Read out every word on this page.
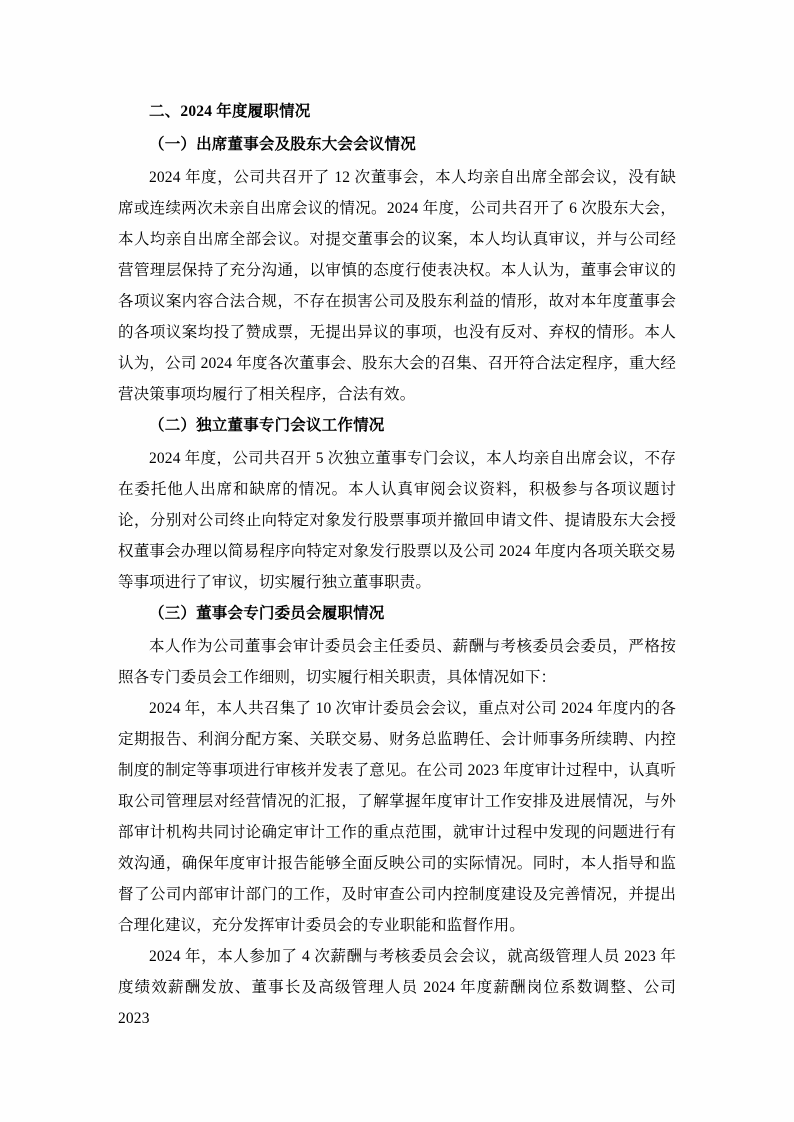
二、2024 年度履职情况
（一）出席董事会及股东大会会议情况

2024 年度，公司共召开了 12 次董事会，本人均亲自出席全部会议，没有缺席或连续两次未亲自出席会议的情况。2024 年度，公司共召开了 6 次股东大会，本人均亲自出席全部会议。对提交董事会的议案，本人均认真审议，并与公司经营管理层保持了充分沟通，以审慎的态度行使表决权。本人认为，董事会审议的各项议案内容合法合规，不存在损害公司及股东利益的情形，故对本年度董事会的各项议案均投了赞成票，无提出异议的事项，也没有反对、弃权的情形。本人认为，公司 2024 年度各次董事会、股东大会的召集、召开符合法定程序，重大经营决策事项均履行了相关程序，合法有效。

（二）独立董事专门会议工作情况

2024 年度，公司共召开 5 次独立董事专门会议，本人均亲自出席会议，不存在委托他人出席和缺席的情况。本人认真审阅会议资料，积极参与各项议题讨论，分别对公司终止向特定对象发行股票事项并撤回申请文件、提请股东大会授权董事会办理以简易程序向特定对象发行股票以及公司 2024 年度内各项关联交易等事项进行了审议，切实履行独立董事职责。

（三）董事会专门委员会履职情况

本人作为公司董事会审计委员会主任委员、薪酬与考核委员会委员，严格按照各专门委员会工作细则，切实履行相关职责，具体情况如下：

2024 年，本人共召集了 10 次审计委员会会议，重点对公司 2024 年度内的各定期报告、利润分配方案、关联交易、财务总监聘任、会计师事务所续聘、内控制度的制定等事项进行审核并发表了意见。在公司 2023 年度审计过程中，认真听取公司管理层对经营情况的汇报，了解掌握年度审计工作安排及进展情况，与外部审计机构共同讨论确定审计工作的重点范围，就审计过程中发现的问题进行有效沟通，确保年度审计报告能够全面反映公司的实际情况。同时，本人指导和监督了公司内部审计部门的工作，及时审查公司内控制度建设及完善情况，并提出合理化建议，充分发挥审计委员会的专业职能和监督作用。

2024 年，本人参加了 4 次薪酬与考核委员会会议，就高级管理人员 2023 年度绩效薪酬发放、董事长及高级管理人员 2024 年度薪酬岗位系数调整、公司 2023
